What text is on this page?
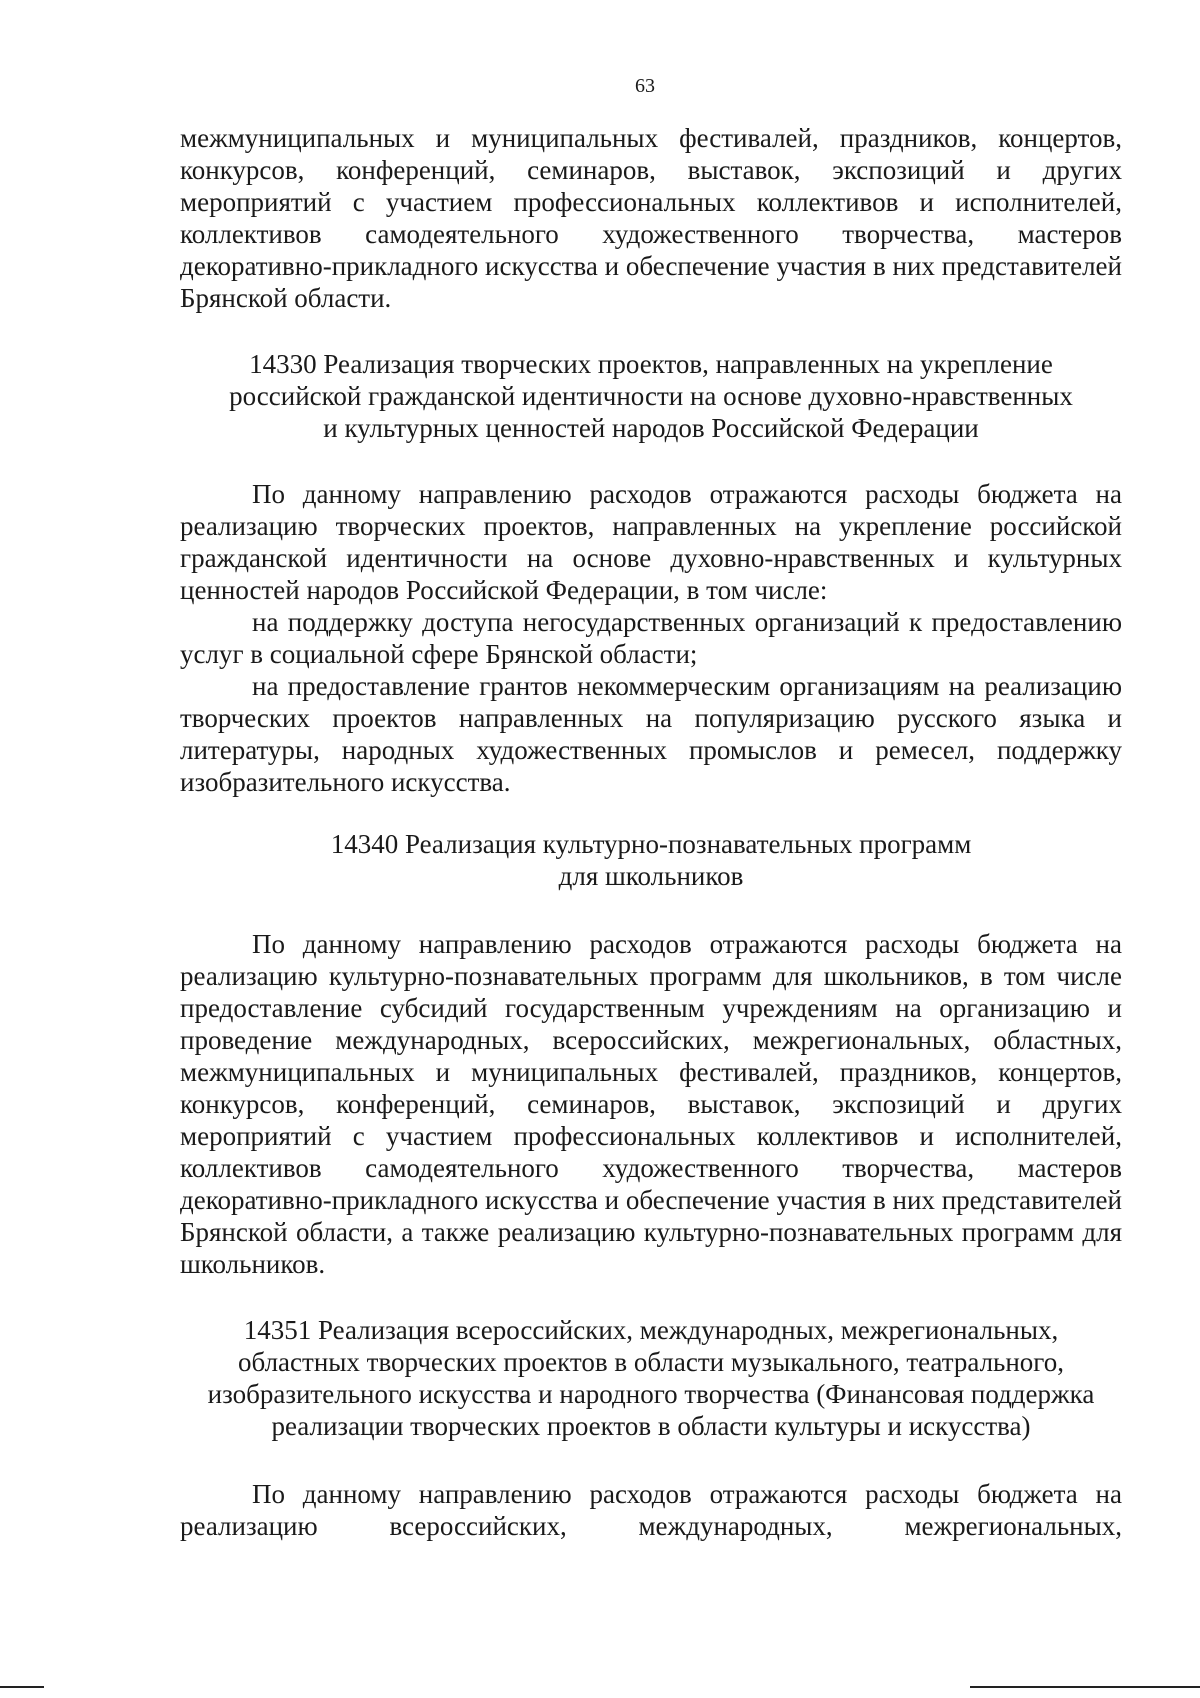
63

межмуниципальных и муниципальных фестивалей, праздников, концертов, конкурсов, конференций, семинаров, выставок, экспозиций и других мероприятий с участием профессиональных коллективов и исполнителей, коллективов самодеятельного художественного творчества, мастеров декоративно-прикладного искусства и обеспечение участия в них представителей Брянской области.

14330 Реализация творческих проектов, направленных на укрепление
российской гражданской идентичности на основе духовно-нравственных
и культурных ценностей народов Российской Федерации

По данному направлению расходов отражаются расходы бюджета на реализацию творческих проектов, направленных на укрепление российской гражданской идентичности на основе духовно-нравственных и культурных ценностей народов Российской Федерации, в том числе:

на поддержку доступа негосударственных организаций к предоставлению услуг в социальной сфере Брянской области;

на предоставление грантов некоммерческим организациям на реализацию творческих проектов направленных на популяризацию русского языка и литературы, народных художественных промыслов и ремесел, поддержку изобразительного искусства.

14340 Реализация культурно-познавательных программ
для школьников

По данному направлению расходов отражаются расходы бюджета на реализацию культурно-познавательных программ для школьников, в том числе предоставление субсидий государственным учреждениям на организацию и проведение международных, всероссийских, межрегиональных, областных, межмуниципальных и муниципальных фестивалей, праздников, концертов, конкурсов, конференций, семинаров, выставок, экспозиций и других мероприятий с участием профессиональных коллективов и исполнителей, коллективов самодеятельного художественного творчества, мастеров декоративно-прикладного искусства и обеспечение участия в них представителей Брянской области, а также реализацию культурно-познавательных программ для школьников.

14351 Реализация всероссийских, международных, межрегиональных,
областных творческих проектов в области музыкального, театрального,
изобразительного искусства и народного творчества (Финансовая поддержка
реализации творческих проектов в области культуры и искусства)

По данному направлению расходов отражаются расходы бюджета на реализацию всероссийских, международных, межрегиональных,
